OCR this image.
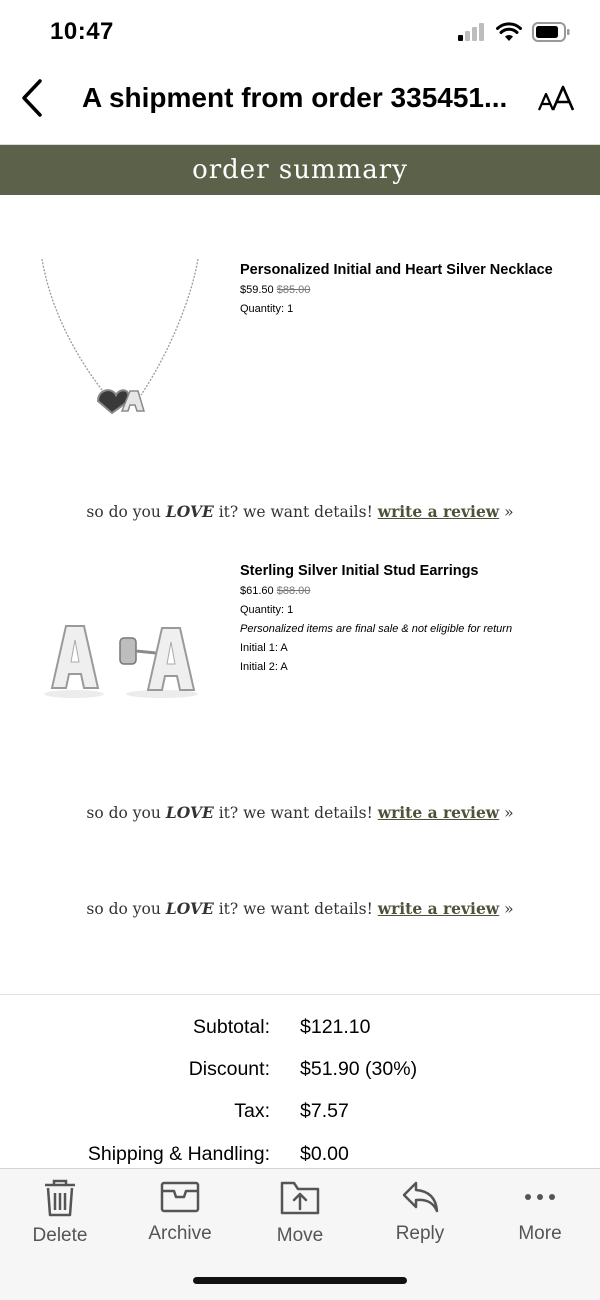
10:47
A shipment from order 335451...
order summary
Personalized Initial and Heart Silver Necklace
$59.50 $85.00
Quantity: 1
so do you LOVE it? we want details! write a review »
Sterling Silver Initial Stud Earrings
$61.60 $88.00
Quantity: 1
Personalized items are final sale & not eligible for return
Initial 1: A
Initial 2: A
so do you LOVE it? we want details! write a review »
so do you LOVE it? we want details! write a review »
Subtotal: $121.10
Discount: $51.90 (30%)
Tax: $7.57
Shipping & Handling: $0.00
Delete	Archive	Move	Reply	More
